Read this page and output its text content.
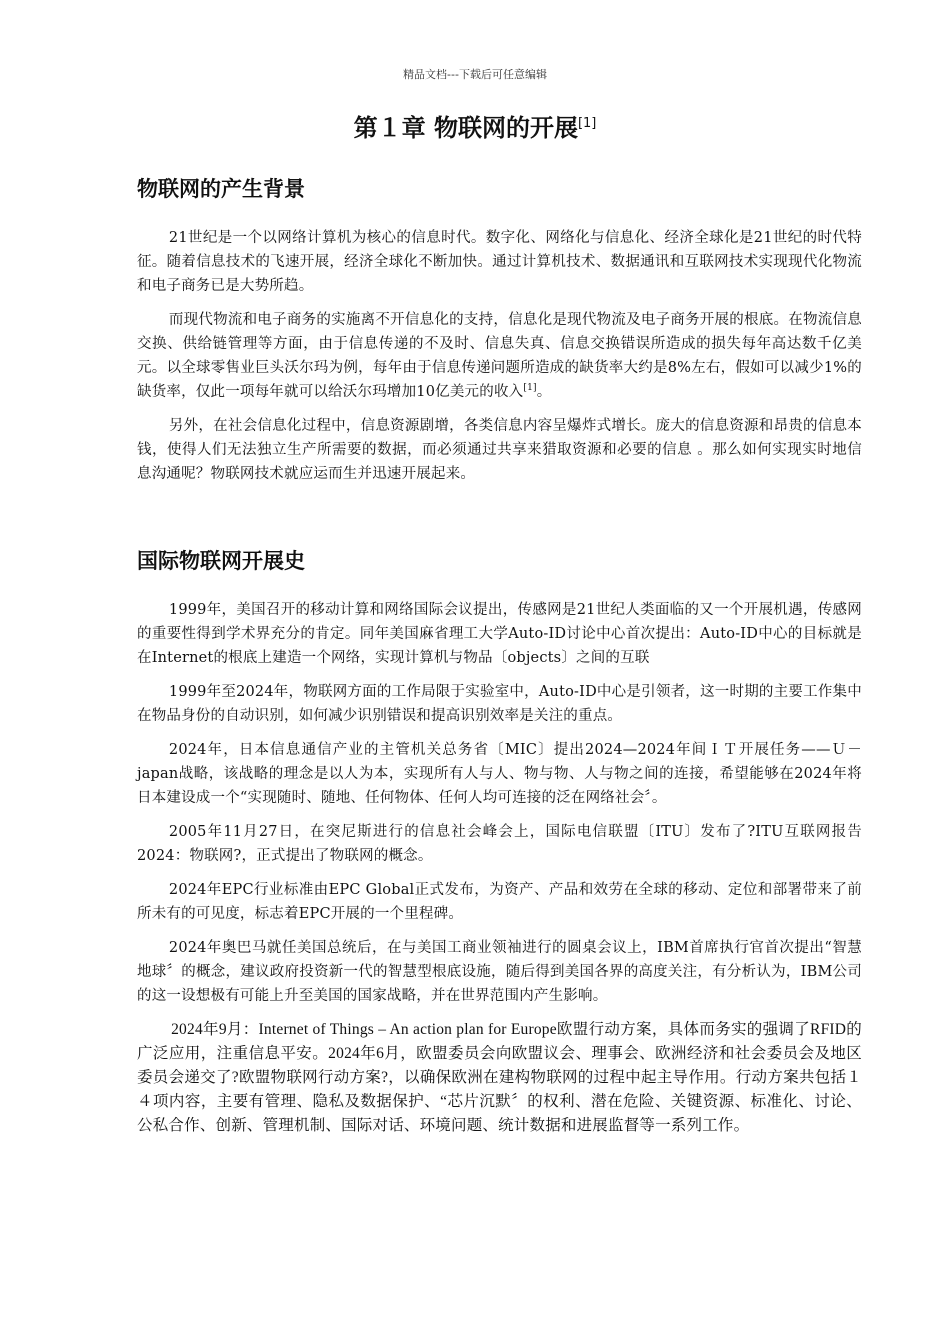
精品文档---下载后可任意编辑
第１章 物联网的开展[1]
物联网的产生背景

21世纪是一个以网络计算机为核心的信息时代。数字化、网络化与信息化、经济全球化是21世纪的时代特征。随着信息技术的飞速开展，经济全球化不断加快。通过计算机技术、数据通讯和互联网技术实现现代化物流和电子商务已是大势所趋。

而现代物流和电子商务的实施离不开信息化的支持，信息化是现代物流及电子商务开展的根底。在物流信息交换、供给链管理等方面，由于信息传递的不及时、信息失真、信息交换错误所造成的损失每年高达数千亿美元。以全球零售业巨头沃尔玛为例，每年由于信息传递问题所造成的缺货率大约是8%左右，假如可以减少1%的缺货率，仅此一项每年就可以给沃尔玛增加10亿美元的收入[1]。

另外，在社会信息化过程中，信息资源剧增，各类信息内容呈爆炸式增长。庞大的信息资源和昂贵的信息本钱，使得人们无法独立生产所需要的数据，而必须通过共享来猎取资源和必要的信息 。那么如何实现实时地信息沟通呢？物联网技术就应运而生并迅速开展起来。

国际物联网开展史

1999年，美国召开的移动计算和网络国际会议提出，传感网是21世纪人类面临的又一个开展机遇，传感网的重要性得到学术界充分的肯定。同年美国麻省理工大学Auto-ID讨论中心首次提出：Auto-ID中心的目标就是在Internet的根底上建造一个网络，实现计算机与物品〔objects〕之间的互联

1999年至2024年，物联网方面的工作局限于实验室中，Auto-ID中心是引领者，这一时期的主要工作集中在物品身份的自动识别，如何减少识别错误和提高识别效率是关注的重点。

2024年，日本信息通信产业的主管机关总务省〔MIC〕提出2024—2024年间ＩＴ开展任务——Ｕ－japan战略，该战略的理念是以人为本，实现所有人与人、物与物、人与物之间的连接，希望能够在2024年将日本建设成一个“实现随时、随地、任何物体、任何人均可连接的泛在网络社会〞。

2005年11月27日，在突尼斯进行的信息社会峰会上，国际电信联盟〔ITU〕发布了?ITU互联网报告2024：物联网?，正式提出了物联网的概念。

2024年EPC行业标准由EPC Global正式发布，为资产、产品和效劳在全球的移动、定位和部署带来了前所未有的可见度，标志着EPC开展的一个里程碑。

2024年奥巴马就任美国总统后，在与美国工商业领袖进行的圆桌会议上，IBM首席执行官首次提出“智慧地球〞的概念，建议政府投资新一代的智慧型根底设施，随后得到美国各界的高度关注，有分析认为，IBM公司的这一设想极有可能上升至美国的国家战略，并在世界范围内产生影响。

2024年9月：Internet of Things – An action plan for Europe欧盟行动方案，具体而务实的强调了RFID的广泛应用，注重信息平安。2024年6月，欧盟委员会向欧盟议会、理事会、欧洲经济和社会委员会及地区委员会递交了?欧盟物联网行动方案?，以确保欧洲在建构物联网的过程中起主导作用。行动方案共包括１４项内容，主要有管理、隐私及数据保护、“芯片沉默〞的权利、潜在危险、关键资源、标准化、讨论、公私合作、创新、管理机制、国际对话、环境问题、统计数据和进展监督等一系列工作。
